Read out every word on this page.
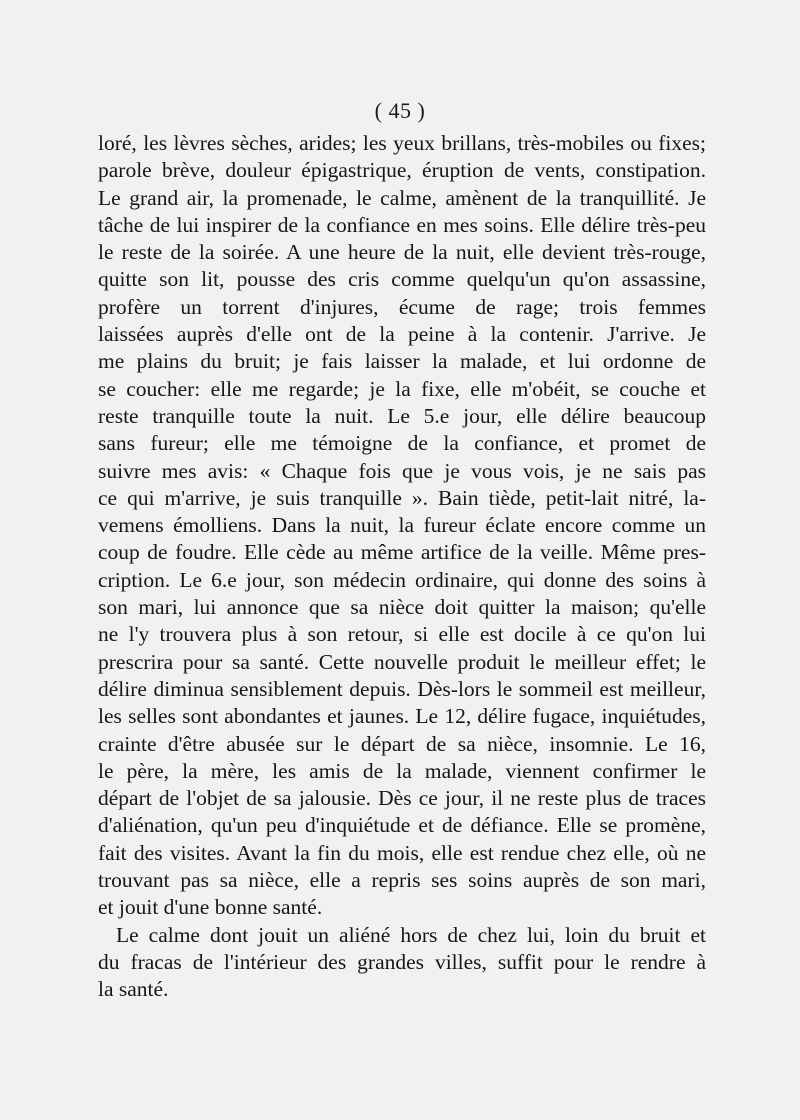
( 45 )
loré, les lèvres sèches, arides; les yeux brillans, très-mobiles ou fixes;
parole brève, douleur épigastrique, éruption de vents, constipation.
Le grand air, la promenade, le calme, amènent de la tranquillité. Je
tâche de lui inspirer de la confiance en mes soins. Elle délire très-peu
le reste de la soirée. A une heure de la nuit, elle devient très-rouge,
quitte son lit, pousse des cris comme quelqu'un qu'on assassine,
profère un torrent d'injures, écume de rage; trois femmes
laissées auprès d'elle ont de la peine à la contenir. J'arrive. Je
me plains du bruit; je fais laisser la malade, et lui ordonne de
se coucher: elle me regarde; je la fixe, elle m'obéit, se couche et
reste tranquille toute la nuit. Le 5.e jour, elle délire beaucoup
sans fureur; elle me témoigne de la confiance, et promet de
suivre mes avis: « Chaque fois que je vous vois, je ne sais pas
ce qui m'arrive, je suis tranquille ». Bain tiède, petit-lait nitré, la-
vemens émolliens. Dans la nuit, la fureur éclate encore comme un
coup de foudre. Elle cède au même artifice de la veille. Même pres-
cription. Le 6.e jour, son médecin ordinaire, qui donne des soins à
son mari, lui annonce que sa nièce doit quitter la maison; qu'elle
ne l'y trouvera plus à son retour, si elle est docile à ce qu'on lui
prescrira pour sa santé. Cette nouvelle produit le meilleur effet; le
délire diminua sensiblement depuis. Dès-lors le sommeil est meilleur,
les selles sont abondantes et jaunes. Le 12, délire fugace, inquiétudes,
crainte d'être abusée sur le départ de sa nièce, insomnie. Le 16,
le père, la mère, les amis de la malade, viennent confirmer le
départ de l'objet de sa jalousie. Dès ce jour, il ne reste plus de traces
d'aliénation, qu'un peu d'inquiétude et de défiance. Elle se promène,
fait des visites. Avant la fin du mois, elle est rendue chez elle, où ne
trouvant pas sa nièce, elle a repris ses soins auprès de son mari,
et jouit d'une bonne santé.
Le calme dont jouit un aliéné hors de chez lui, loin du bruit et
du fracas de l'intérieur des grandes villes, suffit pour le rendre à
la santé.
